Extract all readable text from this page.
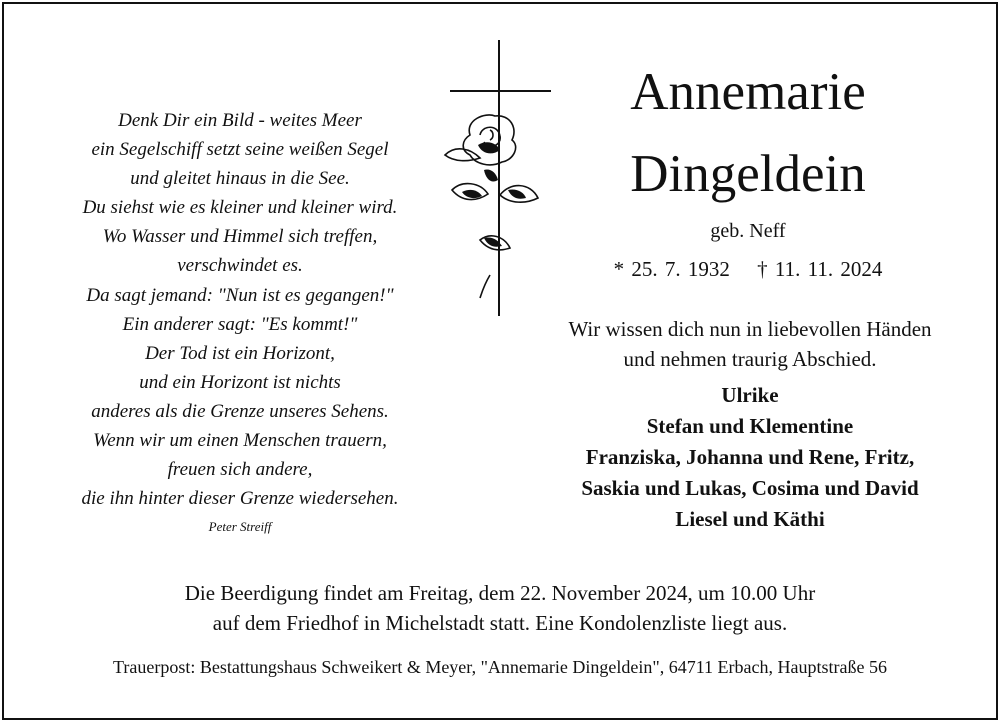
Denk Dir ein Bild - weites Meer
ein Segelschiff setzt seine weißen Segel
und gleitet hinaus in die See.
Du siehst wie es kleiner und kleiner wird.
Wo Wasser und Himmel sich treffen,
verschwindet es.
Da sagt jemand: "Nun ist es gegangen!"
Ein anderer sagt: "Es kommt!"
Der Tod ist ein Horizont,
und ein Horizont ist nichts
anderes als die Grenze unseres Sehens.
Wenn wir um einen Menschen trauern,
freuen sich andere,
die ihn hinter dieser Grenze wiedersehen.
Peter Streiff
Annemarie
Dingeldein
geb. Neff
* 25. 7. 1932 † 11. 11. 2024
Wir wissen dich nun in liebevollen Händen
und nehmen traurig Abschied.
Ulrike
Stefan und Klementine
Franziska, Johanna und Rene, Fritz,
Saskia und Lukas, Cosima und David
Liesel und Käthi
Die Beerdigung findet am Freitag, dem 22. November 2024, um 10.00 Uhr
auf dem Friedhof in Michelstadt statt. Eine Kondolenzliste liegt aus.
Trauerpost: Bestattungshaus Schweikert & Meyer, "Annemarie Dingeldein", 64711 Erbach, Hauptstraße 56
